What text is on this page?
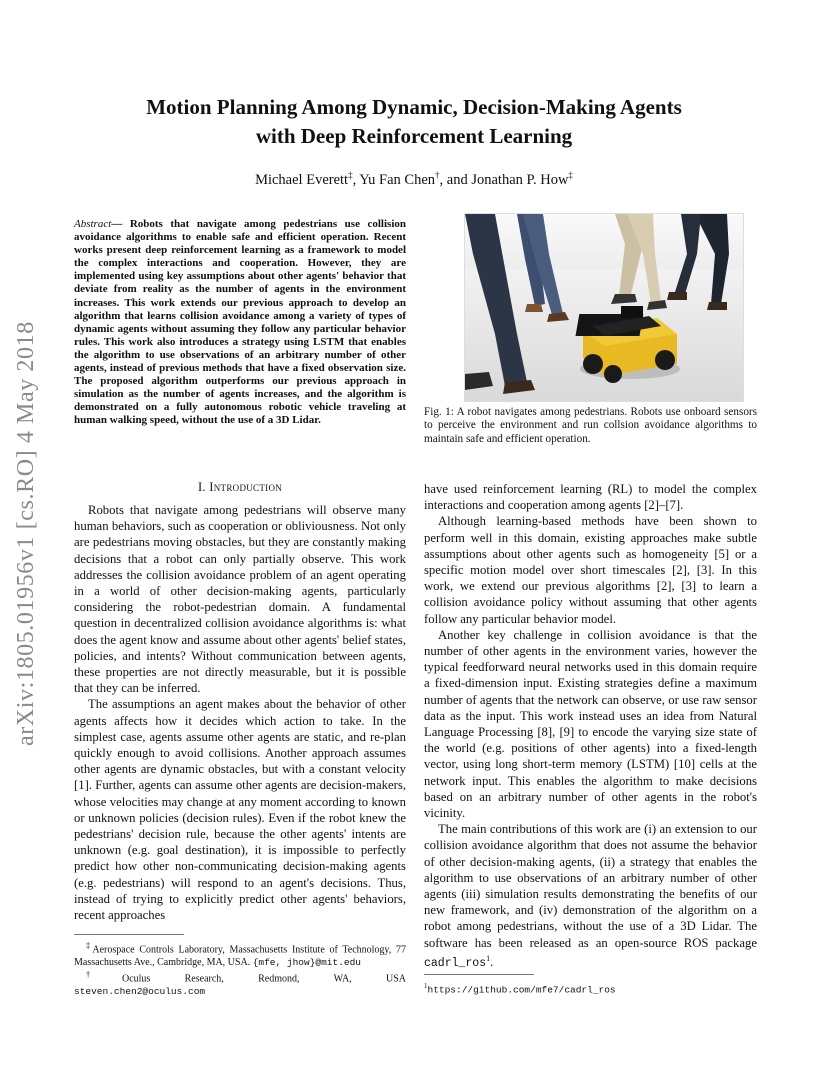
arXiv:1805.01956v1 [cs.RO] 4 May 2018
Motion Planning Among Dynamic, Decision-Making Agents
with Deep Reinforcement Learning
Michael Everett‡, Yu Fan Chen†, and Jonathan P. How‡
Abstract— Robots that navigate among pedestrians use collision avoidance algorithms to enable safe and efficient operation. Recent works present deep reinforcement learning as a framework to model the complex interactions and cooperation. However, they are implemented using key assumptions about other agents' behavior that deviate from reality as the number of agents in the environment increases. This work extends our previous approach to develop an algorithm that learns collision avoidance among a variety of types of dynamic agents without assuming they follow any particular behavior rules. This work also introduces a strategy using LSTM that enables the algorithm to use observations of an arbitrary number of other agents, instead of previous methods that have a fixed observation size. The proposed algorithm outperforms our previous approach in simulation as the number of agents increases, and the algorithm is demonstrated on a fully autonomous robotic vehicle traveling at human walking speed, without the use of a 3D Lidar.
Fig. 1: A robot navigates among pedestrians. Robots use onboard sensors to perceive the environment and run collsion avoidance algorithms to maintain safe and efficient operation.
I. Introduction

Robots that navigate among pedestrians will observe many human behaviors, such as cooperation or obliviousness. Not only are pedestrians moving obstacles, but they are constantly making decisions that a robot can only partially observe. This work addresses the collision avoidance problem of an agent operating in a world of other decision-making agents, particularly considering the robot-pedestrian domain. A fundamental question in decentralized collision avoidance algorithms is: what does the agent know and assume about other agents' belief states, policies, and intents? Without communication between agents, these properties are not directly measurable, but it is possible that they can be inferred.

The assumptions an agent makes about the behavior of other agents affects how it decides which action to take. In the simplest case, agents assume other agents are static, and re-plan quickly enough to avoid collisions. Another approach assumes other agents are dynamic obstacles, but with a constant velocity [1]. Further, agents can assume other agents are decision-makers, whose velocities may change at any moment according to known or unknown policies (decision rules). Even if the robot knew the pedestrians' decision rule, because the other agents' intents are unknown (e.g. goal destination), it is impossible to perfectly predict how other non-communicating decision-making agents (e.g. pedestrians) will respond to an agent's decisions. Thus, instead of trying to explicitly predict other agents' behaviors, recent approaches

have used reinforcement learning (RL) to model the complex interactions and cooperation among agents [2]–[7].

Although learning-based methods have been shown to perform well in this domain, existing approaches make subtle assumptions about other agents such as homogeneity [5] or a specific motion model over short timescales [2], [3]. In this work, we extend our previous algorithms [2], [3] to learn a collision avoidance policy without assuming that other agents follow any particular behavior model.

Another key challenge in collision avoidance is that the number of other agents in the environment varies, however the typical feedforward neural networks used in this domain require a fixed-dimension input. Existing strategies define a maximum number of agents that the network can observe, or use raw sensor data as the input. This work instead uses an idea from Natural Language Processing [8], [9] to encode the varying size state of the world (e.g. positions of other agents) into a fixed-length vector, using long short-term memory (LSTM) [10] cells at the network input. This enables the algorithm to make decisions based on an arbitrary number of other agents in the robot's vicinity.

The main contributions of this work are (i) an extension to our collision avoidance algorithm that does not assume the behavior of other decision-making agents, (ii) a strategy that enables the algorithm to use observations of an arbitrary number of other agents (iii) simulation results demonstrating the benefits of our new framework, and (iv) demonstration of the algorithm on a robot among pedestrians, without the use of a 3D Lidar. The software has been released as an open-source ROS package cadrl_ros$^1$.

‡Aerospace Controls Laboratory, Massachusetts Institute of Technology, 77 Massachusetts Ave., Cambridge, MA, USA. {mfe, jhow}@mit.edu

†Oculus Research, Redmond, WA, USA

steven.chen2@oculus.com

$^1$https://github.com/mfe7/cadrl_ros
